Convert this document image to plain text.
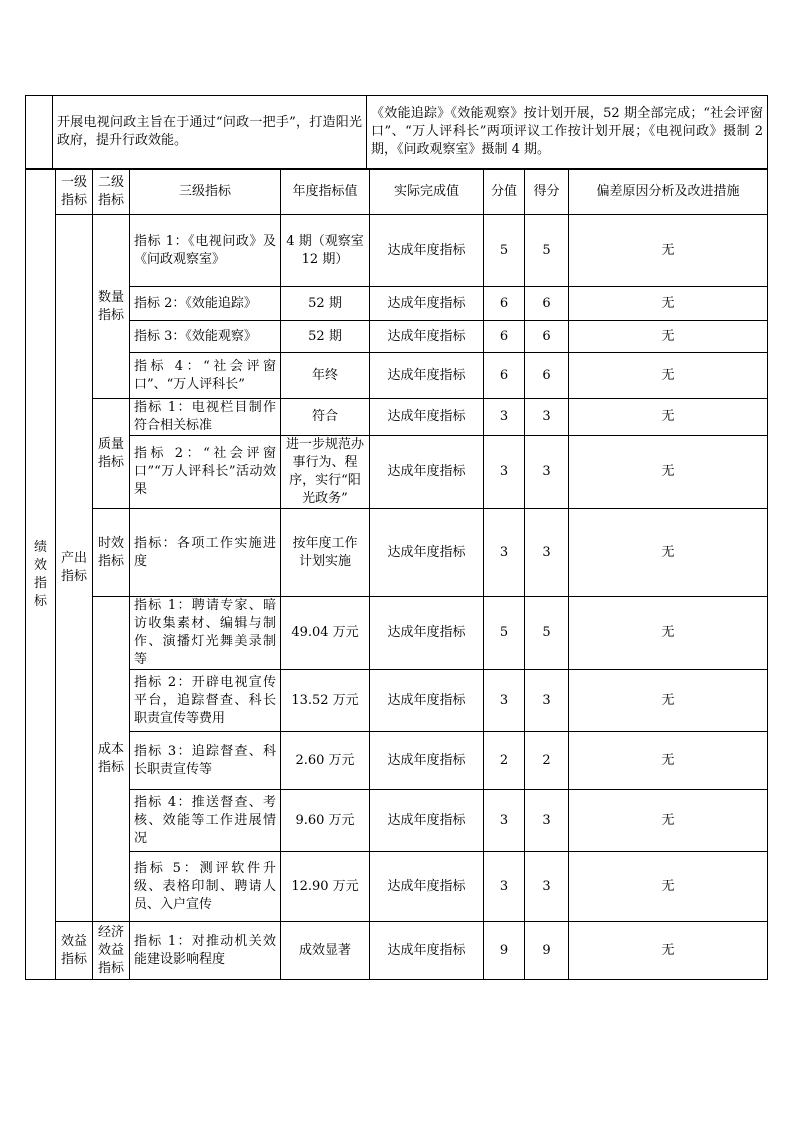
	开展电视问政主旨在于通过“问政一把手”，打造阳光政府，提升行政效能。	《效能追踪》《效能观察》按计划开展，52 期全部完成；“社会评窗口”、“万人评科长”两项评议工作按计划开展；《电视问政》摄制 2 期，《问政观察室》摄制 4 期。
绩效指标	一级指标	二级指标	三级指标	年度指标值	实际完成值	分值	得分	偏差原因分析及改进措施

	产出指标	数量指标	指标 1：《电视问政》及《问政观察室》	4 期（观察室 12 期）	达成年度指标	5	5	无
			指标 2：《效能追踪》	52 期	达成年度指标	6	6	无
			指标 3：《效能观察》	52 期	达成年度指标	6	6	无
			指标 4：“社会评窗口”、“万人评科长”	年终	达成年度指标	6	6	无

		质量指标	指标 1：电视栏目制作符合相关标准	符合	达成年度指标	3	3	无
			指标 2：“社会评窗口”“万人评科长”活动效果	进一步规范办事行为、程序，实行“阳光政务”	达成年度指标	3	3	无

		时效指标	指标：各项工作实施进度	按年度工作计划实施	达成年度指标	3	3	无

		成本指标	指标 1：聘请专家、暗访收集素材、编辑与制作、演播灯光舞美录制等	49.04 万元	达成年度指标	5	5	无
			指标 2：开辟电视宣传平台，追踪督查、科长职责宣传等费用	13.52 万元	达成年度指标	3	3	无
			指标 3：追踪督查、科长职责宣传等	2.60 万元	达成年度指标	2	2	无
			指标 4：推送督查、考核、效能等工作进展情况	9.60 万元	达成年度指标	3	3	无
			指标 5：测评软件升级、表格印制、聘请人员、入户宣传	12.90 万元	达成年度指标	3	3	无

	效益指标	经济效益指标	指标 1：对推动机关效能建设影响程度	成效显著	达成年度指标	9	9	无
